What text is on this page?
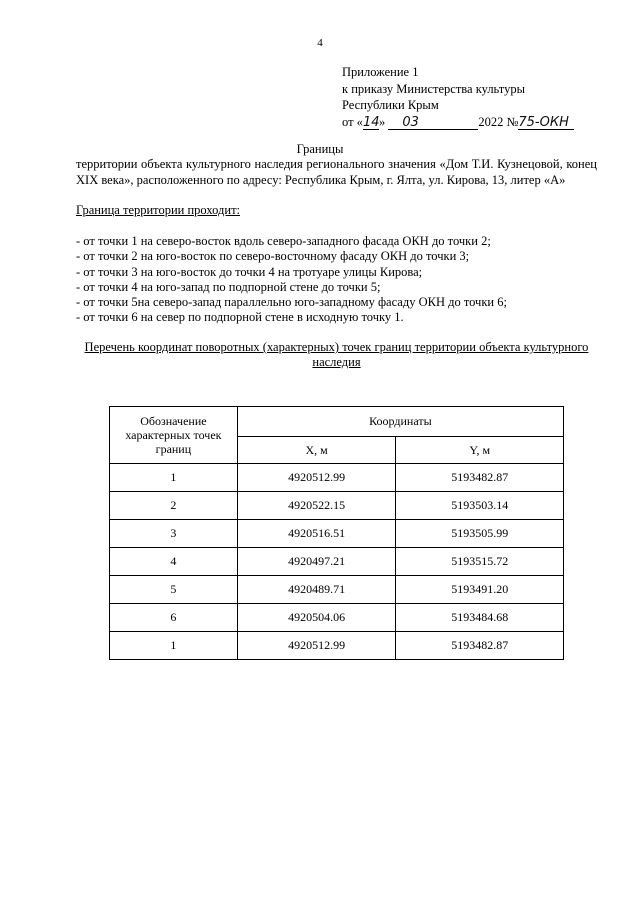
4
Приложение 1
к приказу Министерства культуры
Республики Крым
от «14» 03	2022 №75-ОКН
Границы
территории объекта культурного наследия регионального значения «Дом Т.И. Кузнецовой, конец XIX века», расположенного по адресу: Республика Крым, г. Ялта, ул. Кирова, 13, литер «А»
Граница территории проходит:
- от точки 1 на северо-восток вдоль северо-западного фасада ОКН до точки 2;
- от точки 2 на юго-восток по северо-восточному фасаду ОКН до точки 3;
- от точки 3 на юго-восток до точки 4 на тротуаре улицы Кирова;
- от точки 4 на юго-запад по подпорной стене до точки 5;
- от точки 5на северо-запад параллельно юго-западному фасаду ОКН до точки 6;
- от точки 6 на север по подпорной стене в исходную точку 1.
Перечень координат поворотных (характерных) точек границ территории объекта культурного наследия
Обозначение характерных точек границ	Координаты	
	X, м	Y, м
1	4920512.99	5193482.87
2	4920522.15	5193503.14
3	4920516.51	5193505.99
4	4920497.21	5193515.72
5	4920489.71	5193491.20
6	4920504.06	5193484.68
1	4920512.99	5193482.87
